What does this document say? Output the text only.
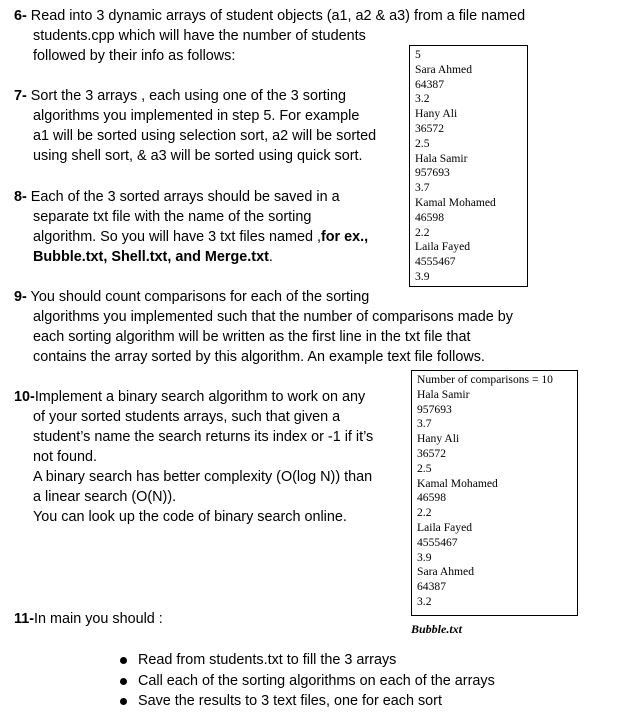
6- Read into 3 dynamic arrays of student objects (a1, a2 & a3) from a file named
students.cpp which will have the number of students
followed by their info as follows:	5
Sara Ahmed
64387
3.2
Hany Ali
36572
2.5
Hala Samir
957693
3.7
Kamal Mohamed
46598
2.2
Laila Fayed
4555467
3.9
7- Sort the 3 arrays , each using one of the 3 sorting
algorithms you implemented in step 5. For example
a1 will be sorted using selection sort, a2 will be sorted
using shell sort, & a3 will be sorted using quick sort.
8- Each of the 3 sorted arrays should be saved in a
separate txt file with the name of the sorting
algorithm. So you will have 3 txt files named ,for ex.,
Bubble.txt, Shell.txt, and Merge.txt.
9- You should count comparisons for each of the sorting
algorithms you implemented such that the number of comparisons made by
each sorting algorithm will be written as the first line in the txt file that
contains the array sorted by this algorithm. An example text file follows.
10-Implement a binary search algorithm to work on any
of your sorted students arrays, such that given a
student’s name the search returns its index or -1 if it’s
not found.
A binary search has better complexity (O(log N)) than
a linear search (O(N)).
You can look up the code of binary search online.
Number of comparisons = 10
Hala Samir
957693
3.7
Hany Ali
36572
2.5
Kamal Mohamed
46598
2.2
Laila Fayed
4555467
3.9
Sara Ahmed
64387
3.2
Bubble.txt
11-In main you should :
Read from students.txt to fill the 3 arrays
Call each of the sorting algorithms on each of the arrays
Save the results to 3 text files, one for each sort
